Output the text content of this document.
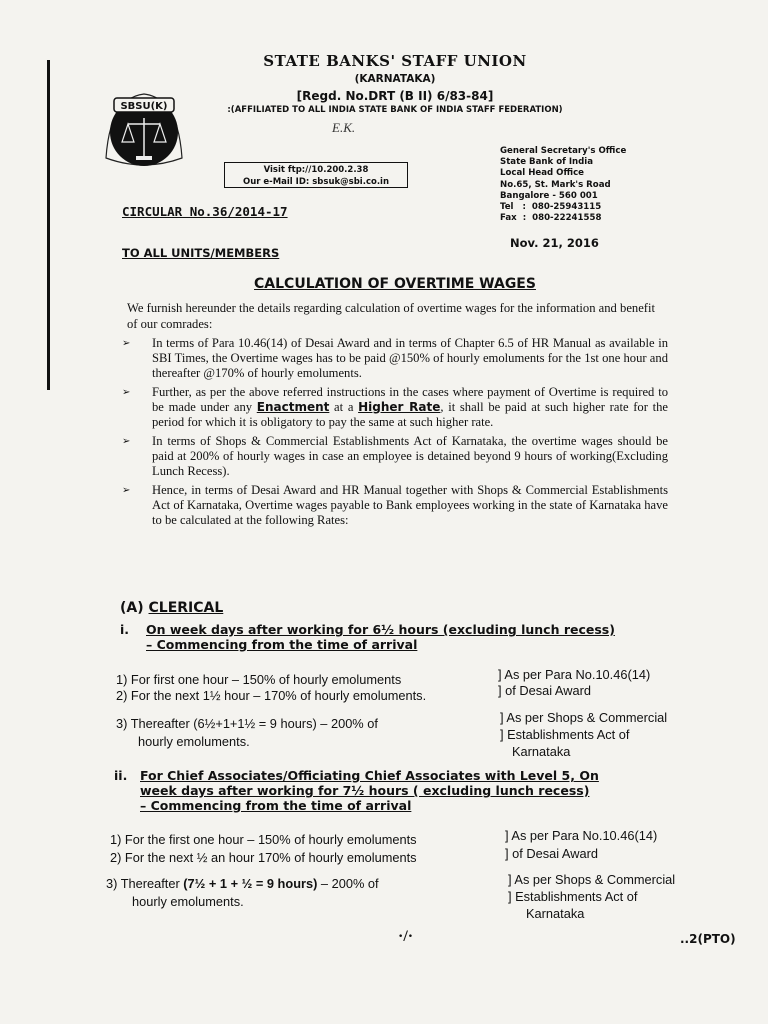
STATE BANKS' STAFF UNION
(KARNATAKA)
[Regd. No.DRT (B II) 6/83-84]
:(AFFILIATED TO ALL INDIA STATE BANK OF INDIA STAFF FEDERATION)
E.K.
SBSU(K)
Visit ftp://10.200.2.38
Our e-Mail ID: sbsuk@sbi.co.in
General Secretary's Office
State Bank of India
Local Head Office
No.65, St. Mark's Road
Bangalore - 560 001
Tel   :  080-25943115
Fax  :  080-22241558
CIRCULAR No.36/2014-17
Nov. 21, 2016
TO ALL UNITS/MEMBERS
CALCULATION OF OVERTIME WAGES
We furnish hereunder the details regarding calculation of overtime wages for the information and benefit of our comrades:
➢ In terms of Para 10.46(14) of Desai Award and in terms of Chapter 6.5 of HR Manual as available in SBI Times, the Overtime wages has to be paid @150% of hourly emoluments for the 1st one hour and thereafter @170% of hourly emoluments.
➢ Further, as per the above referred instructions in the cases where payment of Overtime is required to be made under any Enactment at a Higher Rate, it shall be paid at such higher rate for the period for which it is obligatory to pay the same at such higher rate.
➢ In terms of Shops & Commercial Establishments Act of Karnataka, the overtime wages should be paid at 200% of hourly wages in case an employee is detained beyond 9 hours of working(Excluding Lunch Recess).
➢ Hence, in terms of Desai Award and HR Manual together with Shops & Commercial Establishments Act of Karnataka, Overtime wages payable to Bank employees working in the state of Karnataka have to be calculated at the following Rates:
(A) CLERICAL
i. On week days after working for 6½ hours (excluding lunch recess)
– Commencing from the time of arrival
1) For first one hour – 150% of hourly emoluments
2) For the next 1½ hour – 170% of hourly emoluments.
] As per Para No.10.46(14)
] of Desai Award
3) Thereafter (6½+1+1½ = 9 hours) – 200% of
hourly emoluments.
] As per Shops & Commercial
] Establishments Act of
Karnataka
ii. For Chief Associates/Officiating Chief Associates with Level 5, On
week days after working for 7½ hours ( excluding lunch recess)
– Commencing from the time of arrival
1) For the first one hour – 150% of hourly emoluments
2) For the next ½ an hour 170% of hourly emoluments
] As per Para No.10.46(14)
] of Desai Award
3) Thereafter (7½ + 1 + ½ = 9 hours) – 200% of
hourly emoluments.
] As per Shops & Commercial
] Establishments Act of
Karnataka
·/·	..2(PTO)
